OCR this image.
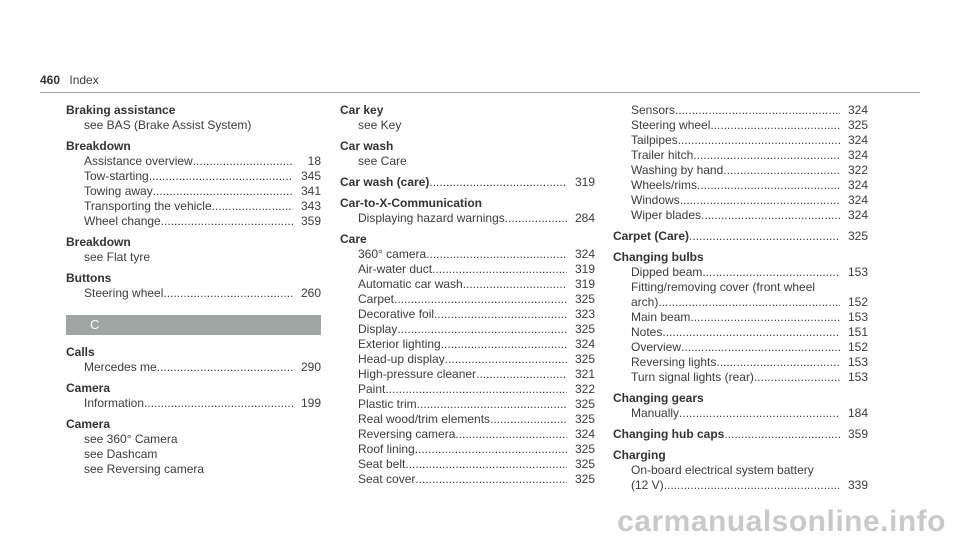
460 Index
Braking assistance
see BAS (Brake Assist System)
Breakdown
Assistance overview .....	18
Tow-starting .....	345
Towing away .....	341
Transporting the vehicle .....	343
Wheel change .....	359
Breakdown
see Flat tyre
Buttons
Steering wheel .....	260
C
Calls
Mercedes me .....	290
Camera
Information .....	199
Camera
see 360° Camera
see Dashcam
see Reversing camera
Car key
see Key
Car wash
see Care
Car wash (care) .....	319
Car-to-X-Communication
Displaying hazard warnings .....	284
Care
360° camera .....	324
Air-water duct .....	319
Automatic car wash .....	319
Carpet .....	325
Decorative foil .....	323
Display .....	325
Exterior lighting .....	324
Head-up display .....	325
High-pressure cleaner .....	321
Paint .....	322
Plastic trim .....	325
Real wood/trim elements .....	325
Reversing camera .....	324
Roof lining .....	325
Seat belt .....	325
Seat cover .....	325
Sensors .....	324
Steering wheel .....	325
Tailpipes .....	324
Trailer hitch .....	324
Washing by hand .....	322
Wheels/rims .....	324
Windows .....	324
Wiper blades .....	324
Carpet (Care) .....	325
Changing bulbs
Dipped beam .....	153
Fitting/removing cover (front wheel
arch) .....	152
Main beam .....	153
Notes .....	151
Overview .....	152
Reversing lights .....	153
Turn signal lights (rear) .....	153
Changing gears
Manually .....	184
Changing hub caps .....	359
Charging
On-board electrical system battery
(12 V) .....	339
carmanualsonline.info
